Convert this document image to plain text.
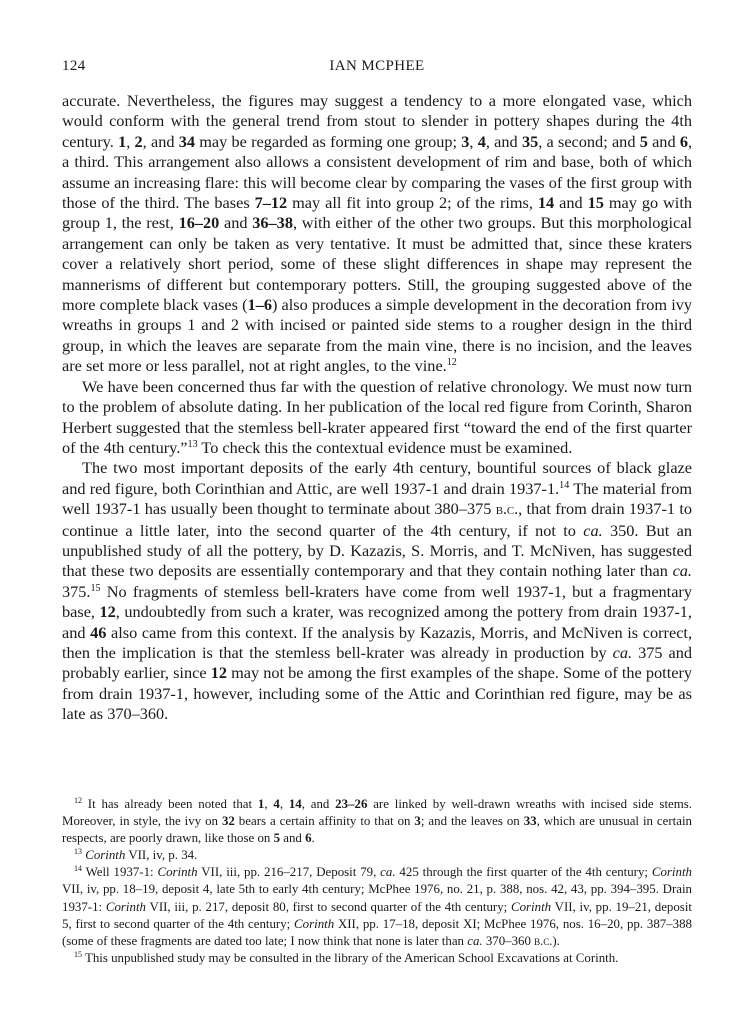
124	IAN MCPHEE

accurate. Nevertheless, the figures may suggest a tendency to a more elongated vase, which would conform with the general trend from stout to slender in pottery shapes during the 4th century. 1, 2, and 34 may be regarded as forming one group; 3, 4, and 35, a second; and 5 and 6, a third. This arrangement also allows a consistent development of rim and base, both of which assume an increasing flare: this will become clear by comparing the vases of the first group with those of the third. The bases 7–12 may all fit into group 2; of the rims, 14 and 15 may go with group 1, the rest, 16–20 and 36–38, with either of the other two groups. But this morphological arrangement can only be taken as very tentative. It must be admitted that, since these kraters cover a relatively short period, some of these slight differences in shape may represent the mannerisms of different but contemporary potters. Still, the grouping suggested above of the more complete black vases (1–6) also produces a simple development in the decoration from ivy wreaths in groups 1 and 2 with incised or painted side stems to a rougher design in the third group, in which the leaves are separate from the main vine, there is no incision, and the leaves are set more or less parallel, not at right angles, to the vine.$^{12}$

We have been concerned thus far with the question of relative chronology. We must now turn to the problem of absolute dating. In her publication of the local red figure from Corinth, Sharon Herbert suggested that the stemless bell-krater appeared first “toward the end of the first quarter of the 4th century.”$^{13}$ To check this the contextual evidence must be examined.

The two most important deposits of the early 4th century, bountiful sources of black glaze and red figure, both Corinthian and Attic, are well 1937-1 and drain 1937-1.14 The material from well 1937-1 has usually been thought to terminate about 380–375 b.c., that from drain 1937-1 to continue a little later, into the second quarter of the 4th century, if not to ca. 350. But an unpublished study of all the pottery, by D. Kazazis, S. Morris, and T. McNiven, has suggested that these two deposits are essentially contemporary and that they contain nothing later than ca. 375.15 No fragments of stemless bell-kraters have come from well 1937-1, but a fragmentary base, 12, undoubtedly from such a krater, was recognized among the pottery from drain 1937-1, and 46 also came from this context. If the analysis by Kazazis, Morris, and McNiven is correct, then the implication is that the stemless bell-krater was already in production by ca. 375 and probably earlier, since 12 may not be among the first examples of the shape. Some of the pottery from drain 1937-1, however, including some of the Attic and Corinthian red figure, may be as late as 370–360.

$^{12}$ It has already been noted that 1, 4, 14, and 23–26 are linked by well-drawn wreaths with incised side stems. Moreover, in style, the ivy on 32 bears a certain affinity to that on 3; and the leaves on 33, which are unusual in certain respects, are poorly drawn, like those on 5 and 6.

$^{13}$ Corinth VII, iv, p. 34.

$^{14}$ Well 1937-1: Corinth VII, iii, pp. 216–217, Deposit 79, ca. 425 through the first quarter of the 4th century; Corinth VII, iv, pp. 18–19, deposit 4, late 5th to early 4th century; McPhee 1976, no. 21, p. 388, nos. 42, 43, pp. 394–395. Drain 1937-1: Corinth VII, iii, p. 217, deposit 80, first to second quarter of the 4th century; Corinth VII, iv, pp. 19–21, deposit 5, first to second quarter of the 4th century; Corinth XII, pp. 17–18, deposit XI; McPhee 1976, nos. 16–20, pp. 387–388 (some of these fragments are dated too late; I now think that none is later than ca. 370–360 b.c.).

$^{15}$ This unpublished study may be consulted in the library of the American School Excavations at Corinth.
